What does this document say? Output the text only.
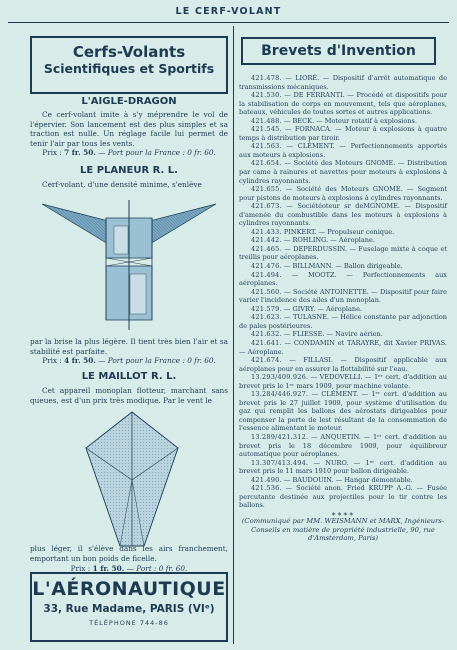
LE CERF-VOLANT
Cerfs-Volants
Scientifiques et Sportifs
L'AIGLE-DRAGON
Ce cerf-volant imite à s'y méprendre le vol de l'épervier. Son lancement est des plus simples et sa traction est nulle. Un réglage facile lui permet de tenir l'air par tous les vents.
Prix : 7 fr. 50. — Port pour la France : 0 fr. 60.
LE PLANEUR R. L.
Cerf-volant, d'une densité minime, s'enlève
par la brise la plus légère. Il tient très bien l'air et sa stabilité est parfaite.
Prix : 4 fr. 50. — Port pour la France : 0 fr. 60.
LE MAILLOT R. L.
Cet appareil monoplan flotteur, marchant sans queues, est d'un prix très modique. Par le vent le
plus léger, il s'élève dans les airs franchement, emportant un bon poids de ficelle.
Prix : 1 fr. 50. — Port : 0 fr. 60.
L'AÉRONAUTIQUE
33, Rue Madame, PARIS (VIᵉ)
TÉLÉPHONE 744-86
Brevets d'Invention
421.478. — LIORÉ. — Dispositif d'arrêt automatique de transmissions mécaniques.
421.530. — DE FERRANTI. — Procédé et dispositifs pour la stabilisation de corps en mouvement, tels que aéroplanes, bateaux, véhicules de toutes sortes et autres applications.
421.488. — BECK. — Moteur rotatif à explosions.
421.545. — FORNACA. — Moteur à explosions à quatre temps à distribution par tiroir.
421.563. — CLÉMENT. — Perfectionnements apportés aux moteurs à explosions.
421.654. — Société des Moteurs GNOME. — Distribution par came à rainures et navettes pour moteurs à explosions à cylindres rayonnants.
421.655. — Société des Moteurs GNOME. — Segment pour pistons de moteurs à explosions à cylindres rayonnants.
421.673. — Sociétéoteur sr deMGNOME. — Dispositif d'amenée du combustible dans les moteurs à explosions à cylindres rayonnants.
421.433. PINKERT. — Propulseur conique.
421.442. — ROHLING. — Aéroplane.
421.465. — DEPERDUSSIN. — Fuselage mixte à coque et treillis pour aéroplanes.
421.476. — BILLMANN. — Ballon dirigeable.
421.494. — MOOTZ. — Perfectionnements aux aéroplanes.
421.560. — Société ANTOINETTE. — Dispositif pour faire varier l'incidence des ailes d'un monoplan.
421.579. — GIVRY. — Aéroplane.
421.623. — TULASNE. — Hélice constante par adjonction de pales postérieures.
421.632. — FLIESSE. — Navire aérien.
421.641. — CONDAMIN et TARAYRE, dit Xavier PRIVAS. — Aéroplane.
421.674. — FILLASI. — Dispositif applicable aux aéroplanes pour en assurer la flottabilité sur l'eau.
13.293/409.926. — VEDOVELLI. — 1ᵉʳ cert. d'addition au brevet pris le 1ᵉʳ mars 1909, pour machine volante.
13.284/446.927. — CLÉMENT. — 1ᵉʳ cert. d'addition au brevet pris le 27 juillet 1909, pour système d'utilisation du gaz qui remplit les ballons des aérostats dirigeables pour compenser la perte de lest résultant de la consommation de l'essence alimentant le moteur.
13.289/421.312. — ANQUETIN. — 1ᵉʳ cert. d'addition au brevet pris le 18 décembre 1909, pour équilibreur automatique pour aéroplanes.
13.307/413.494. — NURO. — 1ᵉʳ cert. d'addition au brevet pris le 11 mars 1910 pour ballon dirigeable.
421.490. — BAUDOUIN. — Hangar démontable.
421.536. — Société anon. Fried KRUPP A.-G. — Fusée percutante destinée aux projectiles pour le tir contre les ballons.
∗∗∗∗
(Communiqué par MM. WEISMANN et MARX, Ingénieurs-Conseils en matière de propriété industrielle, 90, rue d'Amsterdam, Paris)
